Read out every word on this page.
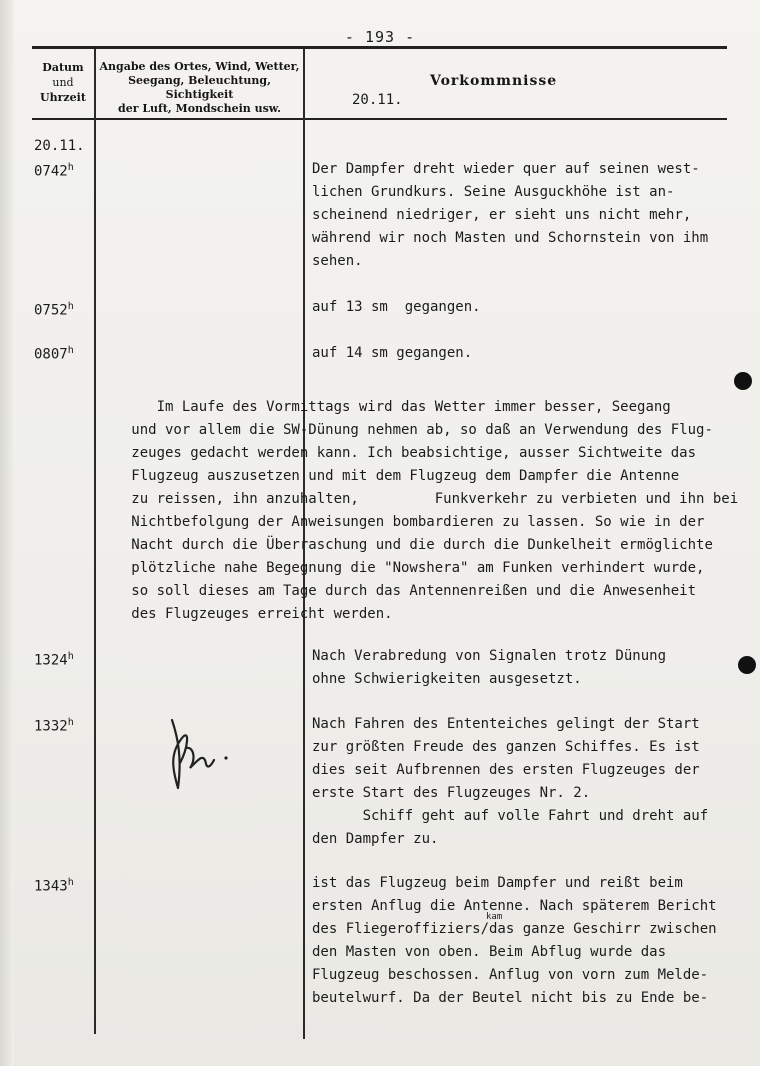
- 193 -
Datum
und
Uhrzeit
Angabe des Ortes, Wind, Wetter,
Seegang, Beleuchtung, Sichtigkeit
der Luft, Mondschein usw.
Vorkommnisse
20.11.
20.11.
0742$^h$
0752$^h$
0807$^h$
1324$^h$
1332$^h$
1343$^h$
Der Dampfer dreht wieder quer auf seinen west-
lichen Grundkurs. Seine Ausguckhöhe ist an-
scheinend niedriger, er sieht uns nicht mehr,
während wir noch Masten und Schornstein von ihm
sehen.
auf 13 sm  gegangen.
auf 14 sm gegangen.
Im Laufe des Vormittags wird das Wetter immer besser, Seegang
und vor allem die SW-Dünung nehmen ab, so daß an Verwendung des Flug-
zeuges gedacht werden kann. Ich beabsichtige, ausser Sichtweite das
Flugzeug auszusetzen und mit dem Flugzeug dem Dampfer die Antenne
zu reissen, ihn anzuhalten,         Funkverkehr zu verbieten und ihn bei
Nichtbefolgung der Anweisungen bombardieren zu lassen. So wie in der
Nacht durch die Überraschung und die durch die Dunkelheit ermöglichte
plötzliche nahe Begegnung die "Nowshera" am Funken verhindert wurde,
so soll dieses am Tage durch das Antennenreißen und die Anwesenheit
des Flugzeuges erreicht werden.
Nach Verabredung von Signalen trotz Dünung
ohne Schwierigkeiten ausgesetzt.
Nach Fahren des Ententeiches gelingt der Start
zur größten Freude des ganzen Schiffes. Es ist
dies seit Aufbrennen des ersten Flugzeuges der
erste Start des Flugzeuges Nr. 2.
Schiff geht auf volle Fahrt und dreht auf
den Dampfer zu.
ist das Flugzeug beim Dampfer und reißt beim
ersten Anflug die Antenne. Nach späterem Bericht
des Fliegeroffiziers/das ganze Geschirr zwischen
den Masten von oben. Beim Abflug wurde das
Flugzeug beschossen. Anflug von vorn zum Melde-
beutelwurf. Da der Beutel nicht bis zu Ende be-
kam
